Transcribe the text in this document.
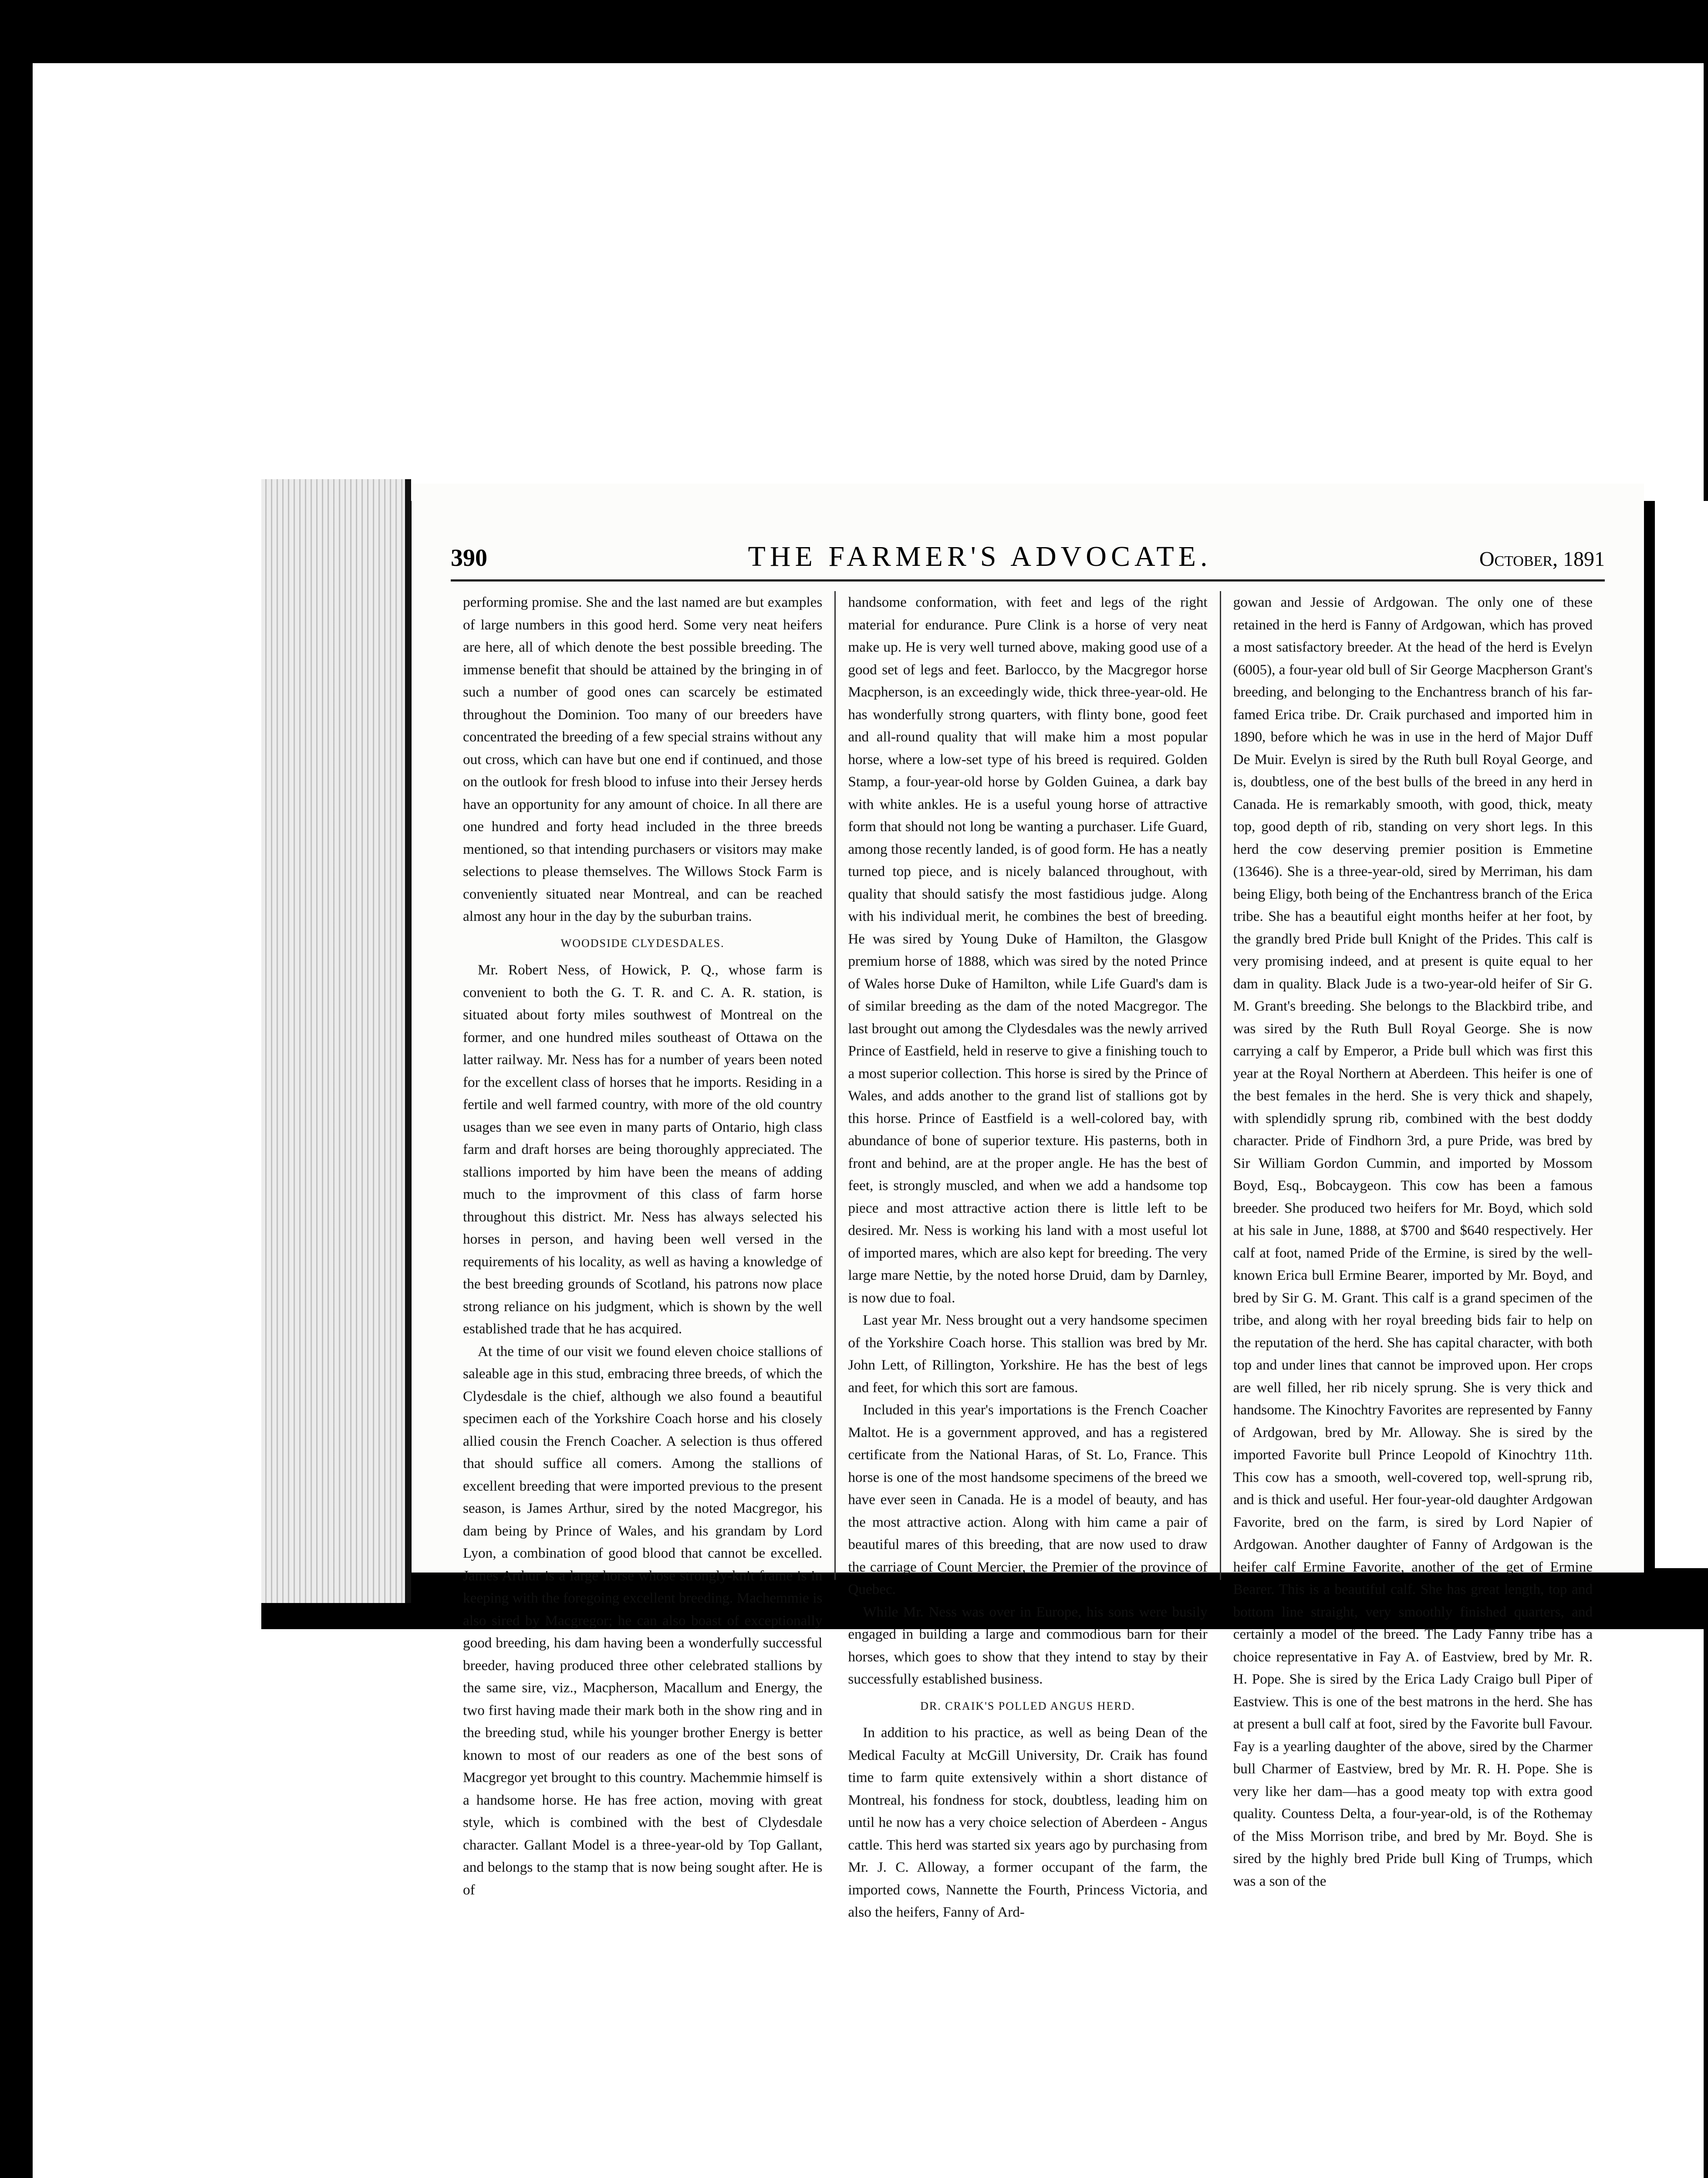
390	THE FARMER'S ADVOCATE.	October, 1891

performing promise. She and the last named are but examples of large numbers in this good herd. Some very neat heifers are here, all of which denote the best possible breeding. The immense benefit that should be attained by the bringing in of such a number of good ones can scarcely be estimated throughout the Dominion. Too many of our breeders have concentrated the breeding of a few special strains without any out cross, which can have but one end if continued, and those on the outlook for fresh blood to infuse into their Jersey herds have an opportunity for any amount of choice. In all there are one hundred and forty head included in the three breeds mentioned, so that intending purchasers or visitors may make selections to please themselves. The Willows Stock Farm is conveniently situated near Montreal, and can be reached almost any hour in the day by the suburban trains.

WOODSIDE CLYDESDALES.

Mr. Robert Ness, of Howick, P. Q., whose farm is convenient to both the G. T. R. and C. A. R. station, is situated about forty miles southwest of Montreal on the former, and one hundred miles southeast of Ottawa on the latter railway. Mr. Ness has for a number of years been noted for the excellent class of horses that he imports. Residing in a fertile and well farmed country, with more of the old country usages than we see even in many parts of Ontario, high class farm and draft horses are being thoroughly appreciated. The stallions imported by him have been the means of adding much to the improvment of this class of farm horse throughout this district. Mr. Ness has always selected his horses in person, and having been well versed in the requirements of his locality, as well as having a knowledge of the best breeding grounds of Scotland, his patrons now place strong reliance on his judgment, which is shown by the well established trade that he has acquired.

At the time of our visit we found eleven choice stallions of saleable age in this stud, embracing three breeds, of which the Clydesdale is the chief, although we also found a beautiful specimen each of the Yorkshire Coach horse and his closely allied cousin the French Coacher. A selection is thus offered that should suffice all comers. Among the stallions of excellent breeding that were imported previous to the present season, is James Arthur, sired by the noted Macgregor, his dam being by Prince of Wales, and his grandam by Lord Lyon, a combination of good blood that cannot be excelled. James Arthur is a large horse whose strongly-knit frame is in keeping with the foregoing excellent breeding. Machemmie is also sired by Macgregor; he can also boast of exceptionally good breeding, his dam having been a wonderfully successful breeder, having produced three other celebrated stallions by the same sire, viz., Macpherson, Macallum and Energy, the two first having made their mark both in the show ring and in the breeding stud, while his younger brother Energy is better known to most of our readers as one of the best sons of Macgregor yet brought to this country. Machemmie himself is a handsome horse. He has free action, moving with great style, which is combined with the best of Clydesdale character. Gallant Model is a three-year-old by Top Gallant, and belongs to the stamp that is now being sought after. He is of

handsome conformation, with feet and legs of the right material for endurance. Pure Clink is a horse of very neat make up. He is very well turned above, making good use of a good set of legs and feet. Barlocco, by the Macgregor horse Macpherson, is an exceedingly wide, thick three-year-old. He has wonderfully strong quarters, with flinty bone, good feet and all-round quality that will make him a most popular horse, where a low-set type of his breed is required. Golden Stamp, a four-year-old horse by Golden Guinea, a dark bay with white ankles. He is a useful young horse of attractive form that should not long be wanting a purchaser. Life Guard, among those recently landed, is of good form. He has a neatly turned top piece, and is nicely balanced throughout, with quality that should satisfy the most fastidious judge. Along with his individual merit, he combines the best of breeding. He was sired by Young Duke of Hamilton, the Glasgow premium horse of 1888, which was sired by the noted Prince of Wales horse Duke of Hamilton, while Life Guard's dam is of similar breeding as the dam of the noted Macgregor. The last brought out among the Clydesdales was the newly arrived Prince of Eastfield, held in reserve to give a finishing touch to a most superior collection. This horse is sired by the Prince of Wales, and adds another to the grand list of stallions got by this horse. Prince of Eastfield is a well-colored bay, with abundance of bone of superior texture. His pasterns, both in front and behind, are at the proper angle. He has the best of feet, is strongly muscled, and when we add a handsome top piece and most attractive action there is little left to be desired. Mr. Ness is working his land with a most useful lot of imported mares, which are also kept for breeding. The very large mare Nettie, by the noted horse Druid, dam by Darnley, is now due to foal.

Last year Mr. Ness brought out a very handsome specimen of the Yorkshire Coach horse. This stallion was bred by Mr. John Lett, of Rillington, Yorkshire. He has the best of legs and feet, for which this sort are famous.

Included in this year's importations is the French Coacher Maltot. He is a government approved, and has a registered certificate from the National Haras, of St. Lo, France. This horse is one of the most handsome specimens of the breed we have ever seen in Canada. He is a model of beauty, and has the most attractive action. Along with him came a pair of beautiful mares of this breeding, that are now used to draw the carriage of Count Mercier, the Premier of the province of Quebec.

While Mr. Ness was over in Europe, his sons were busily engaged in building a large and commodious barn for their horses, which goes to show that they intend to stay by their successfully established business.

DR. CRAIK'S POLLED ANGUS HERD.

In addition to his practice, as well as being Dean of the Medical Faculty at McGill University, Dr. Craik has found time to farm quite extensively within a short distance of Montreal, his fondness for stock, doubtless, leading him on until he now has a very choice selection of Aberdeen - Angus cattle. This herd was started six years ago by purchasing from Mr. J. C. Alloway, a former occupant of the farm, the imported cows, Nannette the Fourth, Princess Victoria, and also the heifers, Fanny of Ard-

gowan and Jessie of Ardgowan. The only one of these retained in the herd is Fanny of Ardgowan, which has proved a most satisfactory breeder. At the head of the herd is Evelyn (6005), a four-year old bull of Sir George Macpherson Grant's breeding, and belonging to the Enchantress branch of his far-famed Erica tribe. Dr. Craik purchased and imported him in 1890, before which he was in use in the herd of Major Duff De Muir. Evelyn is sired by the Ruth bull Royal George, and is, doubtless, one of the best bulls of the breed in any herd in Canada. He is remarkably smooth, with good, thick, meaty top, good depth of rib, standing on very short legs. In this herd the cow deserving premier position is Emmetine (13646). She is a three-year-old, sired by Merriman, his dam being Eligy, both being of the Enchantress branch of the Erica tribe. She has a beautiful eight months heifer at her foot, by the grandly bred Pride bull Knight of the Prides. This calf is very promising indeed, and at present is quite equal to her dam in quality. Black Jude is a two-year-old heifer of Sir G. M. Grant's breeding. She belongs to the Blackbird tribe, and was sired by the Ruth Bull Royal George. She is now carrying a calf by Emperor, a Pride bull which was first this year at the Royal Northern at Aberdeen. This heifer is one of the best females in the herd. She is very thick and shapely, with splendidly sprung rib, combined with the best doddy character. Pride of Findhorn 3rd, a pure Pride, was bred by Sir William Gordon Cummin, and imported by Mossom Boyd, Esq., Bobcaygeon. This cow has been a famous breeder. She produced two heifers for Mr. Boyd, which sold at his sale in June, 1888, at $700 and $640 respectively. Her calf at foot, named Pride of the Ermine, is sired by the well-known Erica bull Ermine Bearer, imported by Mr. Boyd, and bred by Sir G. M. Grant. This calf is a grand specimen of the tribe, and along with her royal breeding bids fair to help on the reputation of the herd. She has capital character, with both top and under lines that cannot be improved upon. Her crops are well filled, her rib nicely sprung. She is very thick and handsome. The Kinochtry Favorites are represented by Fanny of Ardgowan, bred by Mr. Alloway. She is sired by the imported Favorite bull Prince Leopold of Kinochtry 11th. This cow has a smooth, well-covered top, well-sprung rib, and is thick and useful. Her four-year-old daughter Ardgowan Favorite, bred on the farm, is sired by Lord Napier of Ardgowan. Another daughter of Fanny of Ardgowan is the heifer calf Ermine Favorite, another of the get of Ermine Bearer. This is a beautiful calf. She has great length, top and bottom line straight, very smoothly finished quarters, and certainly a model of the breed. The Lady Fanny tribe has a choice representative in Fay A. of Eastview, bred by Mr. R. H. Pope. She is sired by the Erica Lady Craigo bull Piper of Eastview. This is one of the best matrons in the herd. She has at present a bull calf at foot, sired by the Favorite bull Favour. Fay is a yearling daughter of the above, sired by the Charmer bull Charmer of Eastview, bred by Mr. R. H. Pope. She is very like her dam—has a good meaty top with extra good quality. Countess Delta, a four-year-old, is of the Rothemay of the Miss Morrison tribe, and bred by Mr. Boyd. She is sired by the highly bred Pride bull King of Trumps, which was a son of the
